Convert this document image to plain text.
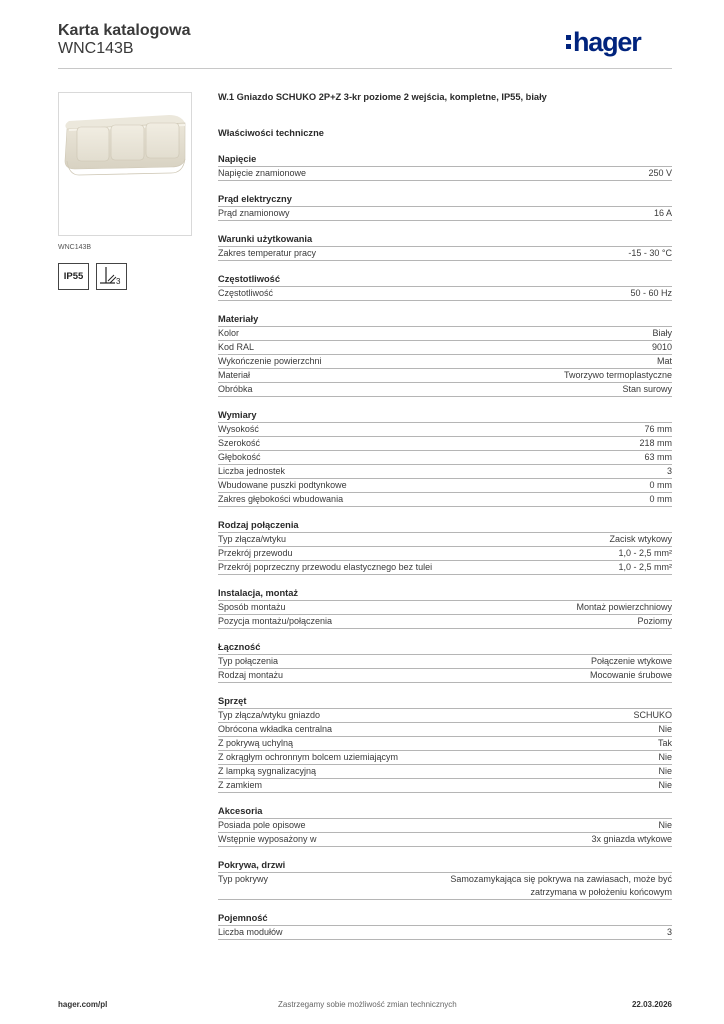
Karta katalogowa
WNC143B	hager
WNC143B
IP55	3
W.1 Gniazdo SCHUKO 2P+Z 3-kr poziome 2 wejścia, kompletne, IP55, biały
Właściwości techniczne
Napięcie
Napięcie znamionowe	250 V
Prąd elektryczny
Prąd znamionowy	16 A
Warunki użytkowania
Zakres temperatur pracy	-15 - 30 °C
Częstotliwość
Częstotliwość	50 - 60 Hz
Materiały
Kolor	Biały
Kod RAL	9010
Wykończenie powierzchni	Mat
Materiał	Tworzywo termoplastyczne
Obróbka	Stan surowy
Wymiary
Wysokość	76 mm
Szerokość	218 mm
Głębokość	63 mm
Liczba jednostek	3
Wbudowane puszki podtynkowe	0 mm
Zakres głębokości wbudowania	0 mm
Rodzaj połączenia
Typ złącza/wtyku	Zacisk wtykowy
Przekrój przewodu	1,0 - 2,5 mm²
Przekrój poprzeczny przewodu elastycznego bez tulei	1,0 - 2,5 mm²
Instalacja, montaż
Sposób montażu	Montaż powierzchniowy
Pozycja montażu/połączenia	Poziomy
Łączność
Typ połączenia	Połączenie wtykowe
Rodzaj montażu	Mocowanie śrubowe
Sprzęt
Typ złącza/wtyku gniazdo	SCHUKO
Obrócona wkładka centralna	Nie
Z pokrywą uchylną	Tak
Z okrągłym ochronnym bolcem uziemiającym	Nie
Z lampką sygnalizacyjną	Nie
Z zamkiem	Nie
Akcesoria
Posiada pole opisowe	Nie
Wstępnie wyposażony w	3x gniazda wtykowe
Pokrywa, drzwi
Typ pokrywy	Samozamykająca się pokrywa na zawiasach, może być zatrzymana w położeniu końcowym
Pojemność
Liczba modułów	3
hager.com/pl	Zastrzegamy sobie możliwość zmian technicznych	22.03.2026
